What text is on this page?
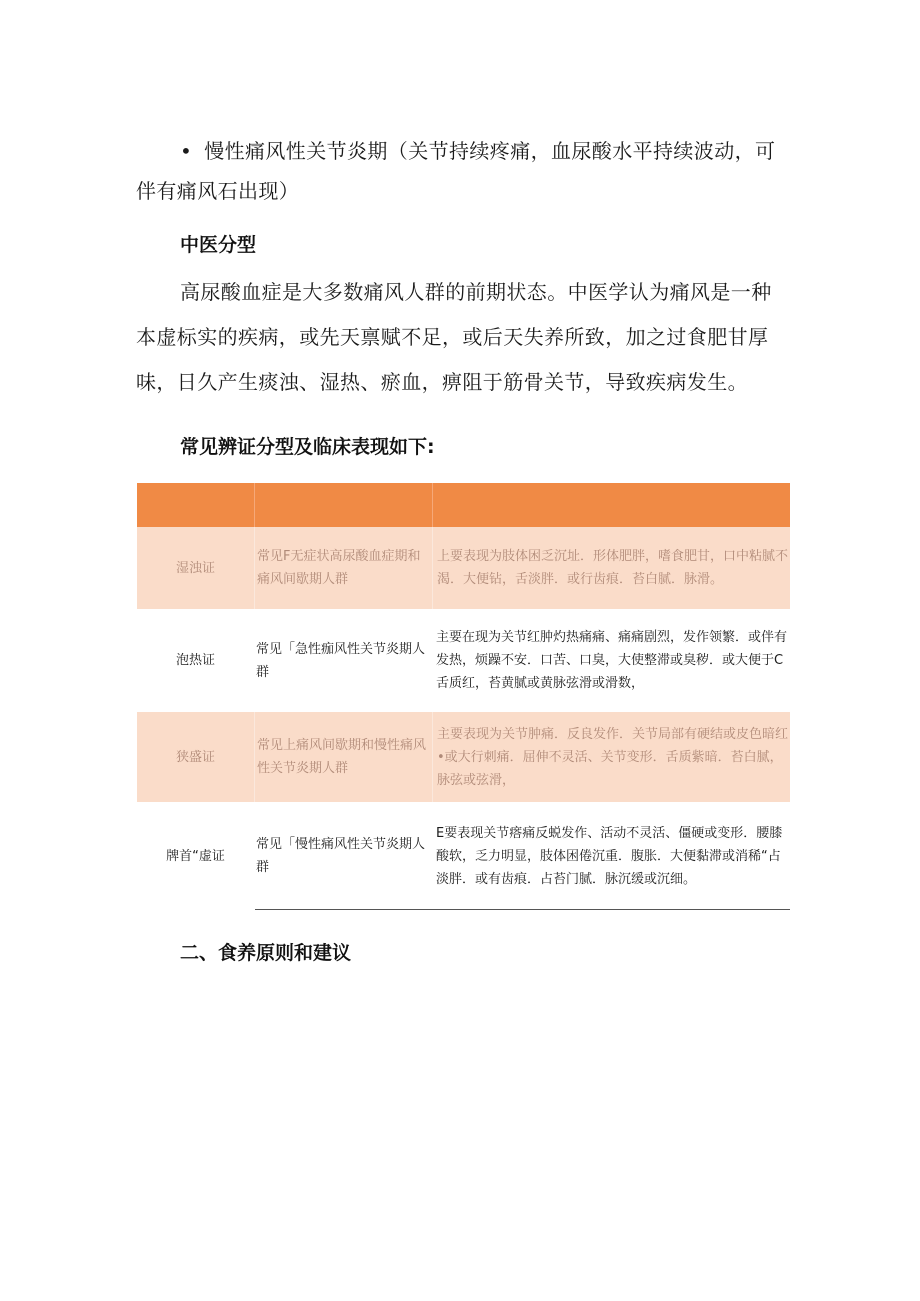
• 慢性痛风性关节炎期（关节持续疼痛，血尿酸水平持续波动，可伴有痛风石出现）
中医分型
高尿酸血症是大多数痛风人群的前期状态。中医学认为痛风是一种本虚标实的疾病，或先天禀赋不足，或后天失养所致，加之过食肥甘厚味，日久产生痰浊、湿热、瘀血，痹阻于筋骨关节，导致疾病发生。
常见辨证分型及临床表现如下:
湿浊证
常见F无症状高尿酸血症期和痛风间歇期人群
上要表现为肢体困乏沉址．形体肥胖，嗜食肥甘，口中粘腻不渴．大便钻，舌淡胖．或行齿痕．苔白腻．脉滑。
泡热证
常见「急性痂风性关节炎期人群
主要在现为关节红肿灼热痛痛、痛痛剧烈，发作领繁．或伴有发热，烦躁不安．口苦、口臭，大使整滞或臭秽．或大便于C舌质红，苔黄腻或黄脉弦滑或滑数，
狭盛证
常见上痛风间歇期和慢性痛风性关节炎期人群
主要表现为关节肿痛．反良发作．关节局部有硬结或皮色暗红•或大行刺痛．屈伸不灵活、关节变形．舌质紫暗．苔白腻，脉弦或弦滑，
牌首“虚证
常见「慢性痛风性关节炎期人群
E要表现关节瘩痛反蜕发作、活动不灵活、僵硬或变形．腰膝酸软，乏力明显，肢体困倦沉重．腹胀．大便黏滞或消稀“占淡胖．或有齿痕．占苔门腻．脉沉缓或沉细。
二、食养原则和建议
